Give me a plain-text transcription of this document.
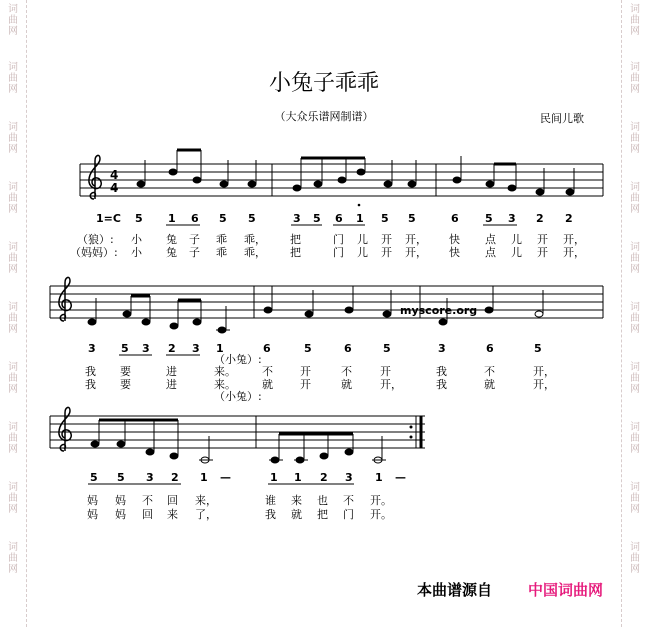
词
曲
网
词
曲
网
词
曲
网
词
曲
网
词
曲
网
词
曲
网
词
曲
网
词
曲
网
词
曲
网
词
曲
网
词
曲
网
词
曲
网
词
曲
网
词
曲
网
词
曲
网
词
曲
网
词
曲
网
词
曲
网
词
曲
网
词
曲
网
小兔子乖乖
（大众乐谱网制谱）	民间儿歌
4
4
myscore.org
1=C 5 1 6 5 5	3 5 6 1 5 5	6 5 3 2 2
（狼）:
（妈妈）:
小 兔 子 乖 乖， 把	门 儿 开 开， 快 点 儿 开 开，
小 兔 子 乖 乖， 把	门 儿 开 开， 快 点 儿 开 开，
3 5 3 2 3 1	6	5	6	5	3	6	5
（小兔）:
我 要	进	来。 不 开	不	开	我	不	开，
我 要	进	来。 就 开	就	开，	我	就	开，
（小兔）:
5 5 3 2 1 —	1 1 2 3 1 —
妈 妈 不 回 来，	谁 来 也 不 开。
妈 妈 回 来 了，	我 就 把 门 开。
本曲谱源自 中国词曲网
